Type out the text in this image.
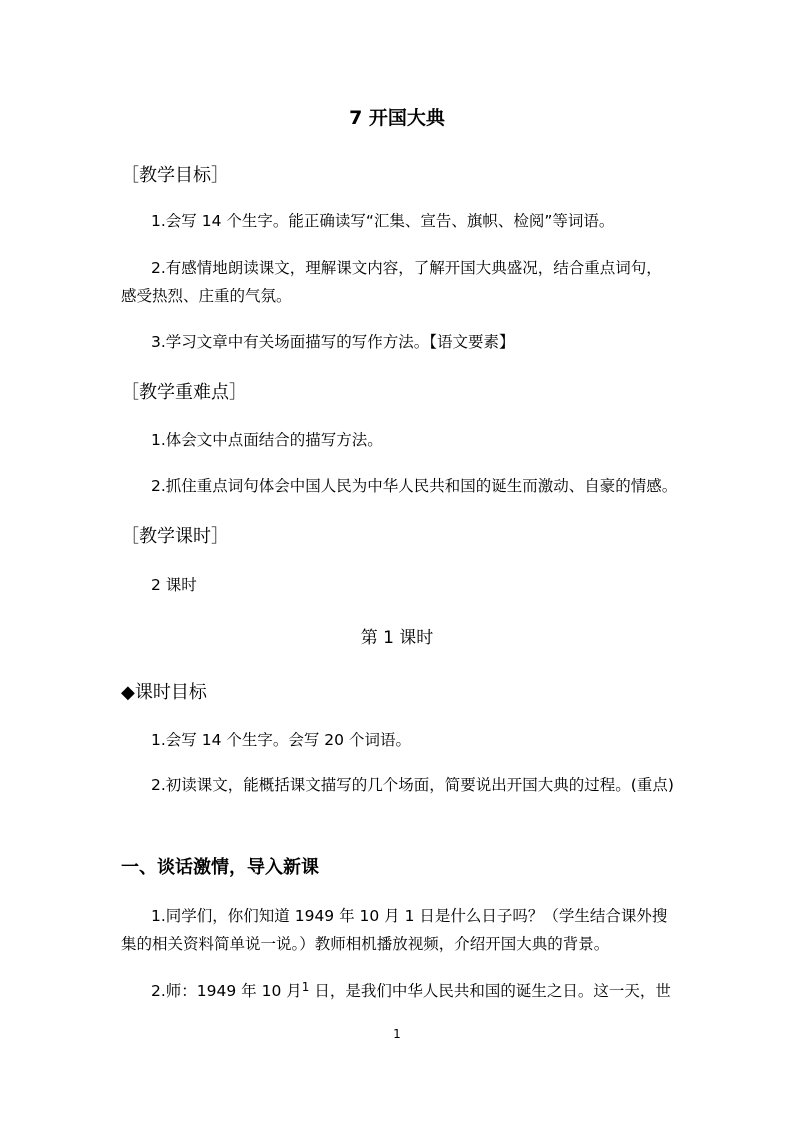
7 开国大典
［教学目标］
1.会写 14 个生字。能正确读写“汇集、宣告、旗帜、检阅”等词语。
2.有感情地朗读课文，理解课文内容，了解开国大典盛况，结合重点词句，感受热烈、庄重的气氛。
3.学习文章中有关场面描写的写作方法。【语文要素】
［教学重难点］
1.体会文中点面结合的描写方法。
2.抓住重点词句体会中国人民为中华人民共和国的诞生而激动、自豪的情感。
［教学课时］
2 课时
第 1 课时
◆课时目标
1.会写 14 个生字。会写 20 个词语。
2.初读课文，能概括课文描写的几个场面，简要说出开国大典的过程。(重点)
一、谈话激情，导入新课
1.同学们，你们知道 1949 年 10 月 1 日是什么日子吗？（学生结合课外搜集的相关资料简单说一说。）教师相机播放视频，介绍开国大典的背景。
2.师：1949 年 10 月$^1$ 日，是我们中华人民共和国的诞生之日。这一天，世
1
